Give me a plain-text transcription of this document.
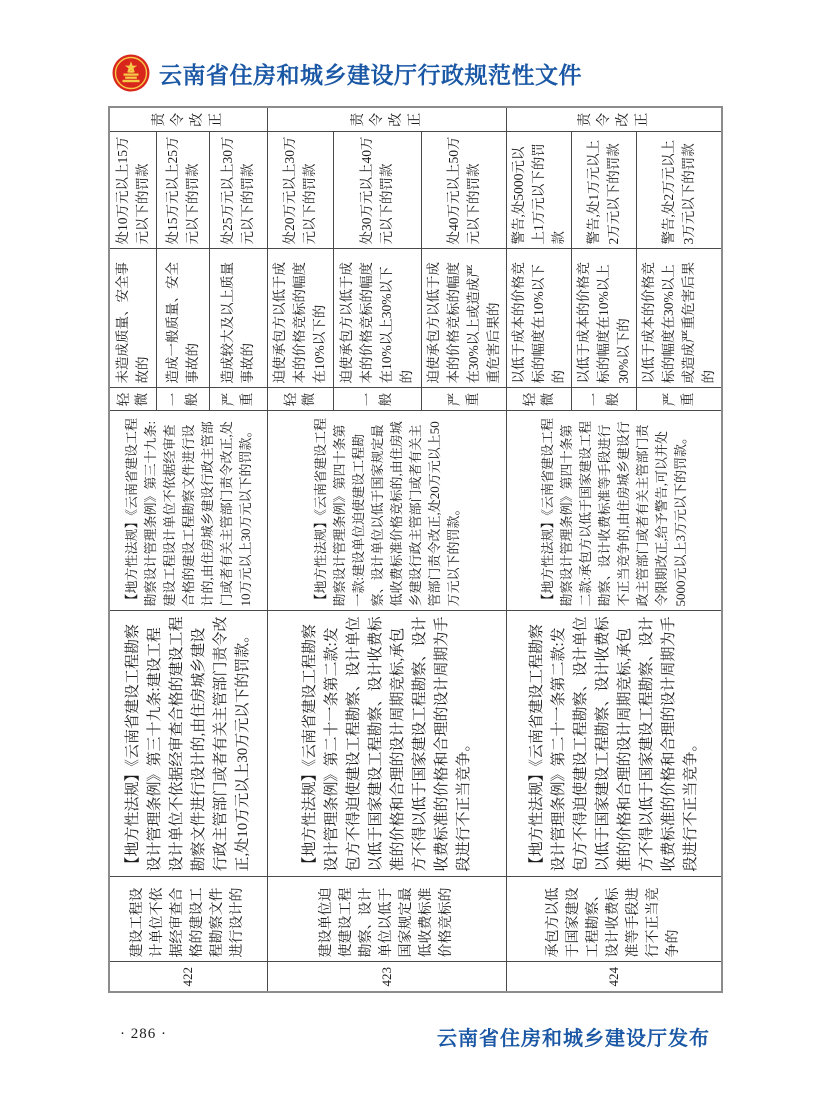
云南省住房和城乡建设厅行政规范性文件
422	建设工程设计单位不依据经审查合格的建设工程勘察文件进行设计的	【地方性法规】《云南省建设工程勘察设计管理条例》第三十九条:建设工程设计单位不依据经审查合格的建设工程勘察文件进行设计的,由住房城乡建设行政主管部门或者有关主管部门责令改正,处10万元以上30万元以下的罚款。	【地方性法规】《云南省建设工程勘察设计管理条例》第三十九条:建设工程设计单位不依据经审查合格的建设工程勘察文件进行设计的,由住房城乡建设行政主管部门或者有关主管部门责令改正,处10万元以上30万元以下的罚款。	轻微	未造成质量、安全事故的	处10万元以上15万元以下的罚款	责令改正
				一般	造成一般质量、安全事故的	处15万元以上25万元以下的罚款	
				严重	造成较大及以上质量事故的	处25万元以上30万元以下的罚款	
423	建设单位迫使建设工程勘察、设计单位以低于国家规定最低收费标准价格竞标的	【地方性法规】《云南省建设工程勘察设计管理条例》第二十一条第二款:发包方不得迫使建设工程勘察、设计单位以低于国家建设工程勘察、设计收费标准的价格和合理的设计周期竞标,承包方不得以低于国家建设工程勘察、设计收费标准的价格和合理的设计周期为手段进行不正当竞争。	【地方性法规】《云南省建设工程勘察设计管理条例》第四十条第一款:建设单位迫使建设工程勘察、设计单位以低于国家规定最低收费标准价格竞标的,由住房城乡建设行政主管部门或者有关主管部门责令改正,处20万元以上50万元以下的罚款。	轻微	迫使承包方以低于成本的价格竞标的幅度在10%以下的	处20万元以上30万元以下的罚款	责令改正
				一般	迫使承包方以低于成本的价格竞标的幅度在10%以上30%以下的	处30万元以上40万元以下的罚款	
				严重	迫使承包方以低于成本的价格竞标的幅度在30%以上或造成严重危害后果的	处40万元以上50万元以下的罚款	
424	承包方以低于国家建设工程勘察、设计收费标准等手段进行不正当竞争的	【地方性法规】《云南省建设工程勘察设计管理条例》第二十一条第二款:发包方不得迫使建设工程勘察、设计单位以低于国家建设工程勘察、设计收费标准的价格和合理的设计周期竞标,承包方不得以低于国家建设工程勘察、设计收费标准的价格和合理的设计周期为手段进行不正当竞争。	【地方性法规】《云南省建设工程勘察设计管理条例》第四十条第二款:承包方以低于国家建设工程勘察、设计收费标准等手段进行不正当竞争的,由住房城乡建设行政主管部门或者有关主管部门责令限期改正,给予警告,可以并处5000元以上3万元以下的罚款。	轻微	以低于成本的价格竞标的幅度在10%以下的	警告,处5000元以上1万元以下的罚款	责令改正
				一般	以低于成本的价格竞标的幅度在10%以上30%以下的	警告,处1万元以上2万元以下的罚款	
				严重	以低于成本的价格竞标的幅度在30%以上或造成严重危害后果的	警告,处2万元以上3万元以下的罚款	
· 286 ·	云南省住房和城乡建设厅发布
